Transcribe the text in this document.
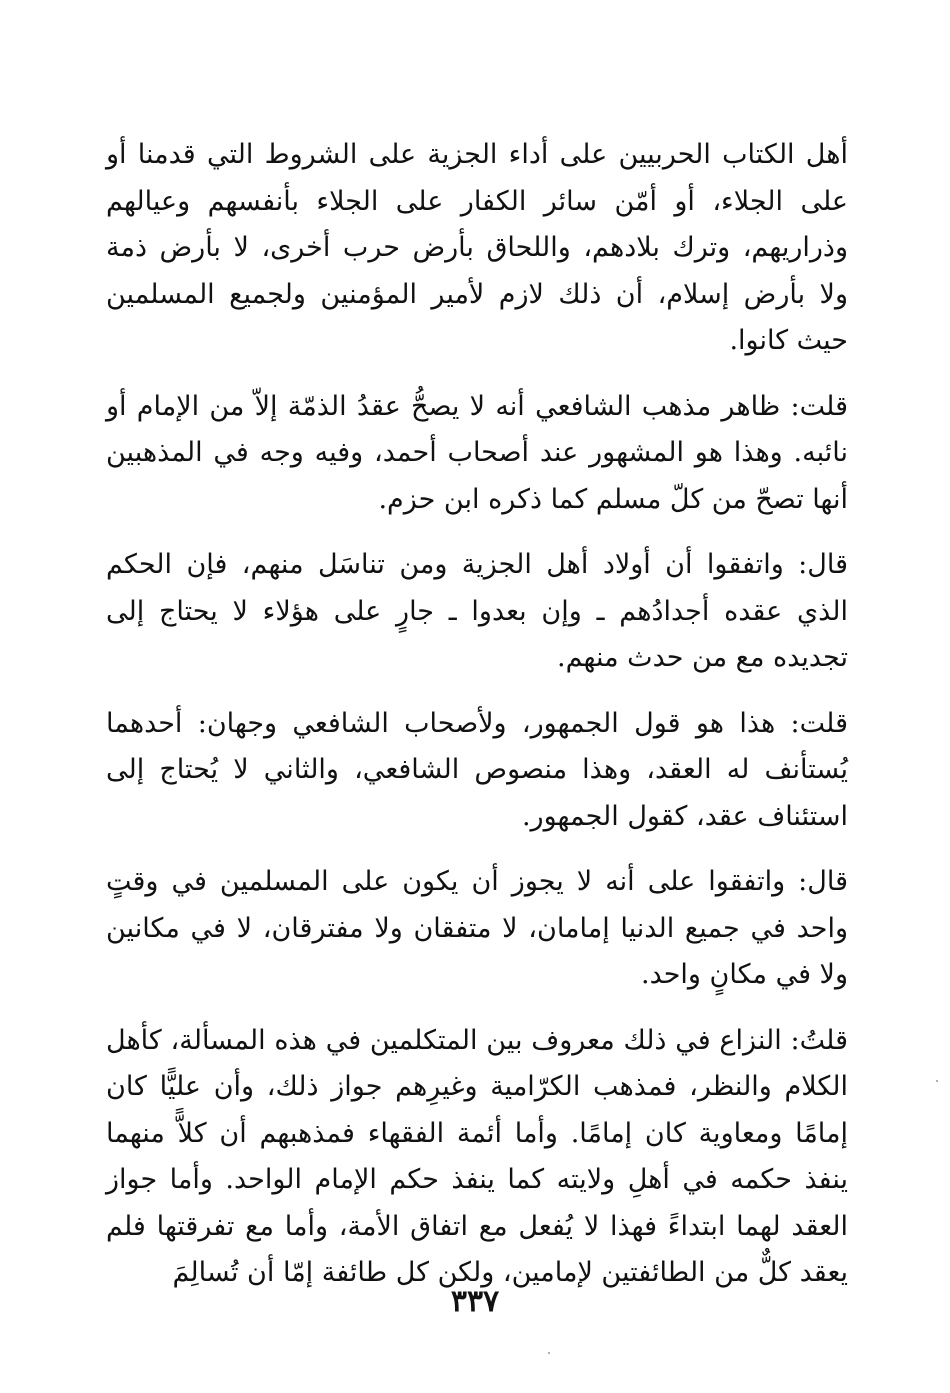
أهل الكتاب الحربيين على أداء الجزية على الشروط التي قدمنا أو على الجلاء، أو أمّن سائر الكفار على الجلاء بأنفسهم وعيالهم وذراريهم، وترك بلادهم، واللحاق بأرض حرب أخرى، لا بأرض ذمة ولا بأرض إسلام، أن ذلك لازم لأمير المؤمنين ولجميع المسلمين حيث كانوا.

قلت: ظاهر مذهب الشافعي أنه لا يصحُّ عقدُ الذمّة إلاّ من الإمام أو نائبه. وهذا هو المشهور عند أصحاب أحمد، وفيه وجه في المذهبين أنها تصحّ من كلّ مسلم كما ذكره ابن حزم.

قال: واتفقوا أن أولاد أهل الجزية ومن تناسَل منهم، فإن الحكم الذي عقده أجدادُهم ـ وإن بعدوا ـ جارٍ على هؤلاء لا يحتاج إلى تجديده مع من حدث منهم.

قلت: هذا هو قول الجمهور، ولأصحاب الشافعي وجهان: أحدهما يُستأنف له العقد، وهذا منصوص الشافعي، والثاني لا يُحتاج إلى استئناف عقد، كقول الجمهور.

قال: واتفقوا على أنه لا يجوز أن يكون على المسلمين في وقتٍ واحد في جميع الدنيا إمامان، لا متفقان ولا مفترقان، لا في مكانين ولا في مكانٍ واحد.

قلتُ: النزاع في ذلك معروف بين المتكلمين في هذه المسألة، كأهل الكلام والنظر، فمذهب الكرّامية وغيرِهم جواز ذلك، وأن عليًّا كان إمامًا ومعاوية كان إمامًا. وأما أئمة الفقهاء فمذهبهم أن كلاًّ منهما ينفذ حكمه في أهلِ ولايته كما ينفذ حكم الإمام الواحد. وأما جواز العقد لهما ابتداءً فهذا لا يُفعل مع اتفاق الأمة، وأما مع تفرقتها فلم يعقد كلٌّ من الطائفتين لإمامين، ولكن كل طائفة إمّا أن تُسالِمَ

٣٣٧
